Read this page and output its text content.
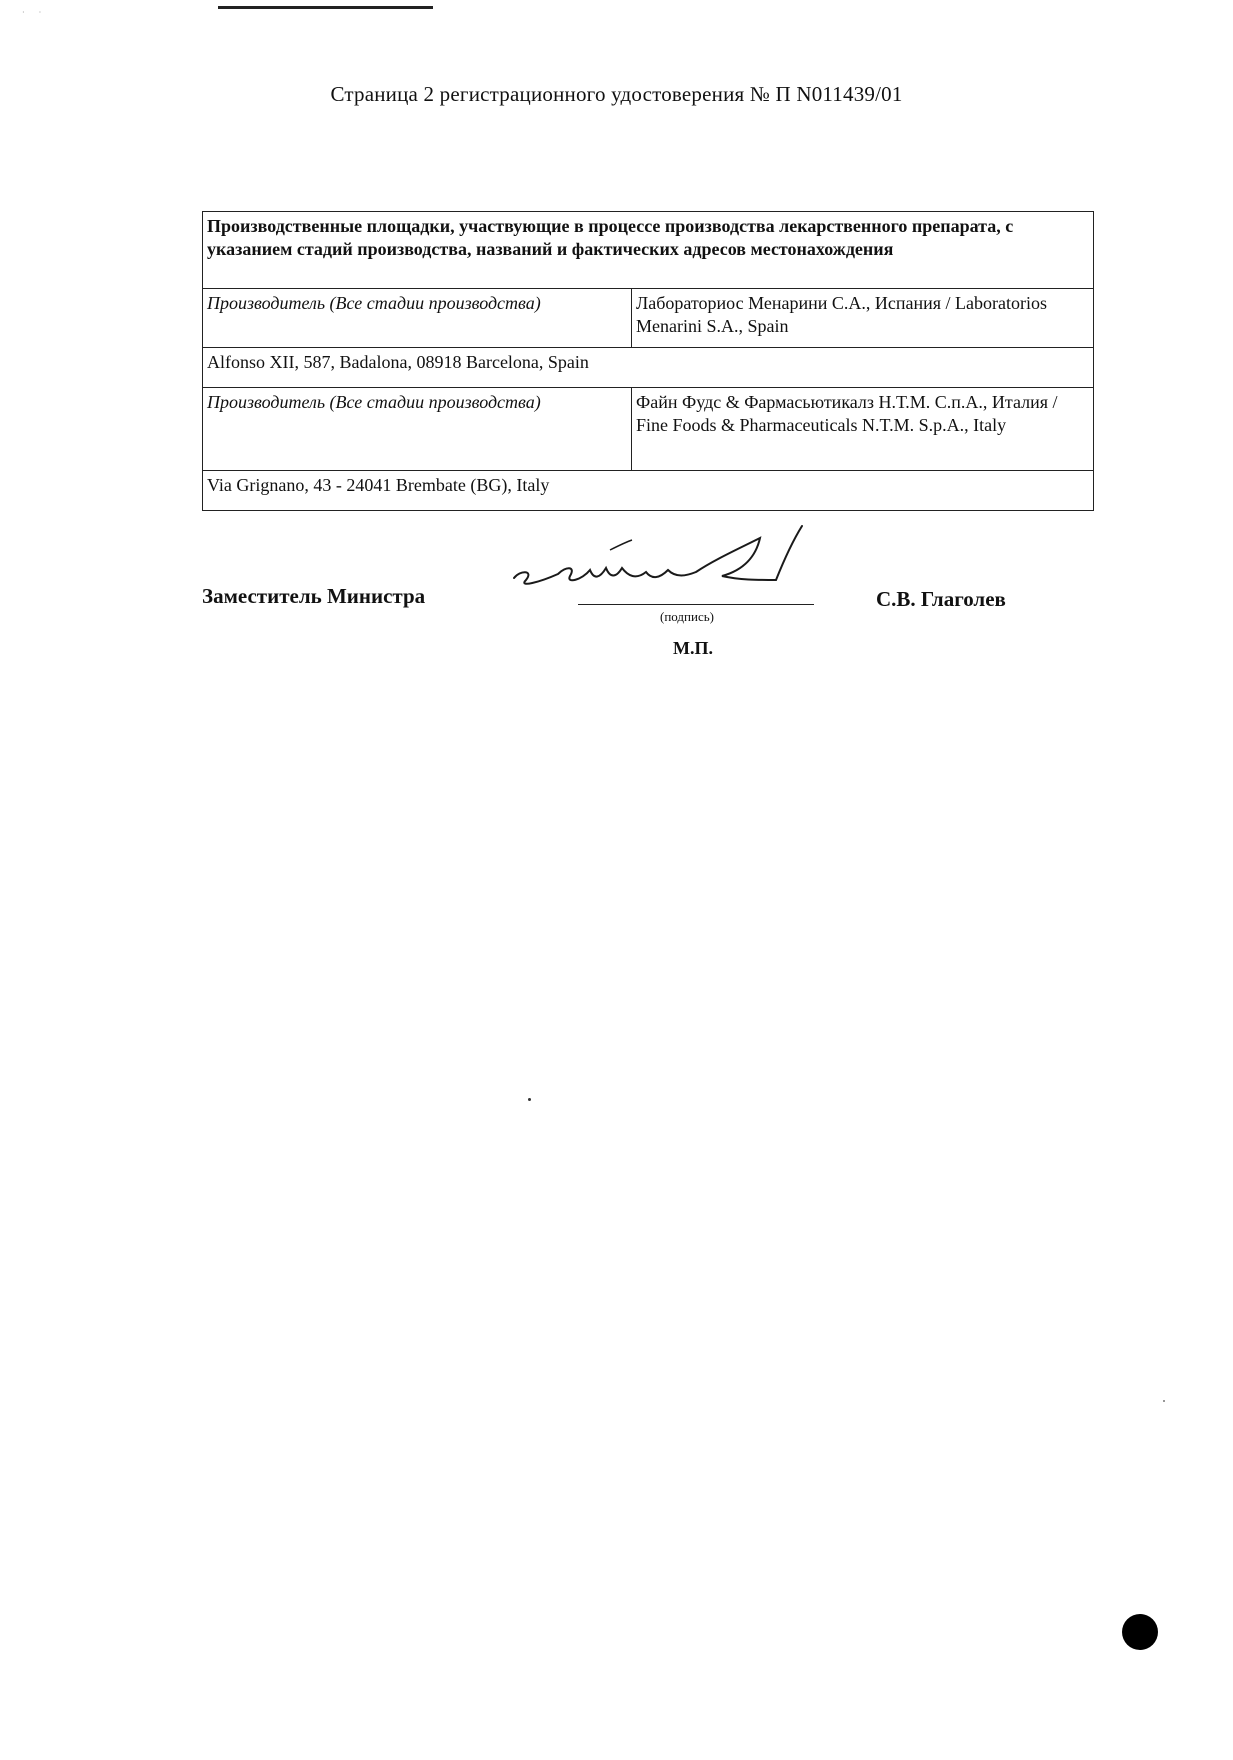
· ·
Страница 2 регистрационного удостоверения № П N011439/01
Производственные площадки, участвующие в процессе производства лекарственного препарата, с указанием стадий производства, названий и фактических адресов местонахождения	
Производитель (Все стадии производства)	Лабораториос Менарини С.А., Испания / Laboratorios Menarini S.A., Spain
Alfonso XII, 587, Badalona, 08918 Barcelona, Spain	
Производитель (Все стадии производства)	Файн Фудс & Фармасьютикалз Н.Т.М. С.п.А., Италия / Fine Foods & Pharmaceuticals N.T.M. S.p.A., Italy
Via Grignano, 43 - 24041 Brembate (BG), Italy	
Заместитель Министра
(подпись)
С.В. Глаголев
М.П.
